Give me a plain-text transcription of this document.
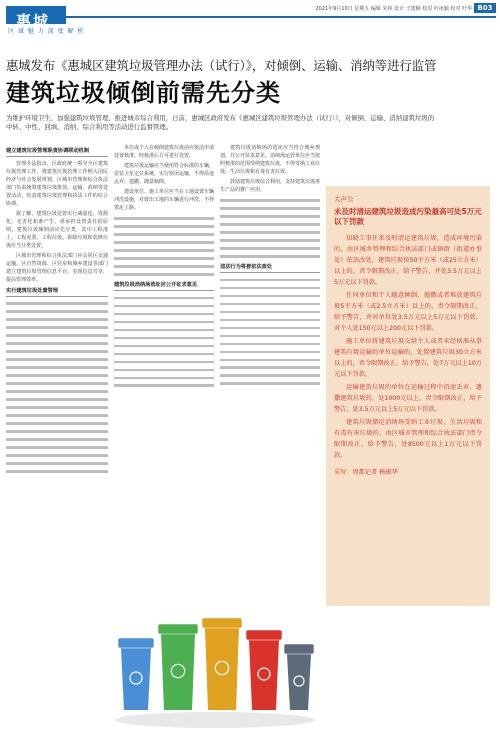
惠城
区 域 魅 力 深 度 解 析
2021年9月10日 星期五 编辑 朱林 设计 王建楠 校对 叶冰颖 校对 叶华 B03
惠城发布《惠城区建筑垃圾管理办法（试行）》，对倾倒、运输、消纳等进行监管
建筑垃圾倾倒前需先分类
为维护环境卫生，加强建筑垃圾管理，推进城市综合利用，日前，惠城区政府发布《惠城区建筑垃圾管理办法（试行）》，对倾倒、运输、消纳建筑垃圾的中转、中性、回填、消纳、综合利用等活动进行监督管理。
建立建筑垃圾管理职责协调联动机制

管理办法指出，区政府统一领导全区建筑垃圾管理工作，将建筑垃圾管理工作纳入国民经济与社会发展规划，区城市管理和综合执法部门负责统筹建筑垃圾排放、运输、消纳等处置活动，负责建筑垃圾管理和执法工作的综合协调。

据了解，建筑垃圾处置实行减量化、资源化、无害化和谁产生、谁承担处置责任的原则。建筑垃圾倾倒前应先分类，其中工程渣土、工程泥浆、工程垃圾、拆除垃圾和装修垃圾应当分类处置。

区城市管理和综合执法部门应会同区交通运输、区自然资源、区住房和城乡建设等部门建立建筑垃圾管理信息平台，实现信息共享，提高管理效率。

实行建筑垃圾处置管理

单位或个人在倾倒建筑垃圾前应依法申请处置核准，经核准后方可进行处置。

建筑垃圾运输应当使用符合标准的车辆，安装卫星定位系统，实行密闭运输，不得沿途丢弃、遗撒、随意倾倒。

建设单位、施工单位应当在工地设置车辆冲洗设施，对驶出工地的车辆进行冲洗，不得带泥上路。

建筑垃圾消纳场选址应公开征求意见

建筑垃圾消纳场的选址应当符合城乡规划，并公开征求意见。消纳场运营单位应当按照核准的范围受纳建筑垃圾，不得受纳工业垃圾、生活垃圾和有毒有害垃圾。

鼓励建筑垃圾综合利用，支持建筑垃圾再生产品的推广应用。

违法行为将被依法查处
大声公
未及时清运建筑垃圾造成污染最高可处5万元以下罚款

知晓工事任来及时清运建筑垃圾，造成环境污染的，由区城乡管理和综合执法部门或镇街（街道办事处）依法改处，建筑垃圾按50平方米（或25立方米）以上的，责令限期改正，给予警告，并处3.5万元以上5万元以下罚款。

任何单位和个人随意倾倒、抛撒或者堆放建筑垃圾5平方米（或2.5立方米）以上的，责令限期改正，给予警告，并对单位处3.5万元以上5万元以下罚款，对个人处150元以上200元以下罚款。

施工单位将建筑垃圾交给个人或者未经核准从事建筑垃圾运输的单位运输的，处置建筑垃圾30立方米以上的，责令限期改正，给予警告，处7万元以上10万元以下罚款。

运输建筑垃圾的单位在运输过程中沿途丢弃、遗撒建筑垃圾的，处1000元以上，责令限期改正，给予警告，处3.5万元以上5万元以下罚款。

建筑垃圾储运消纳场受纳工业垃圾、生活垃圾和有毒有害垃圾的，由区城市管理和综合执法部门责令限期改正，给予警告，处8500元以上1万元以下罚款。

采写：周都记者 杨振华
